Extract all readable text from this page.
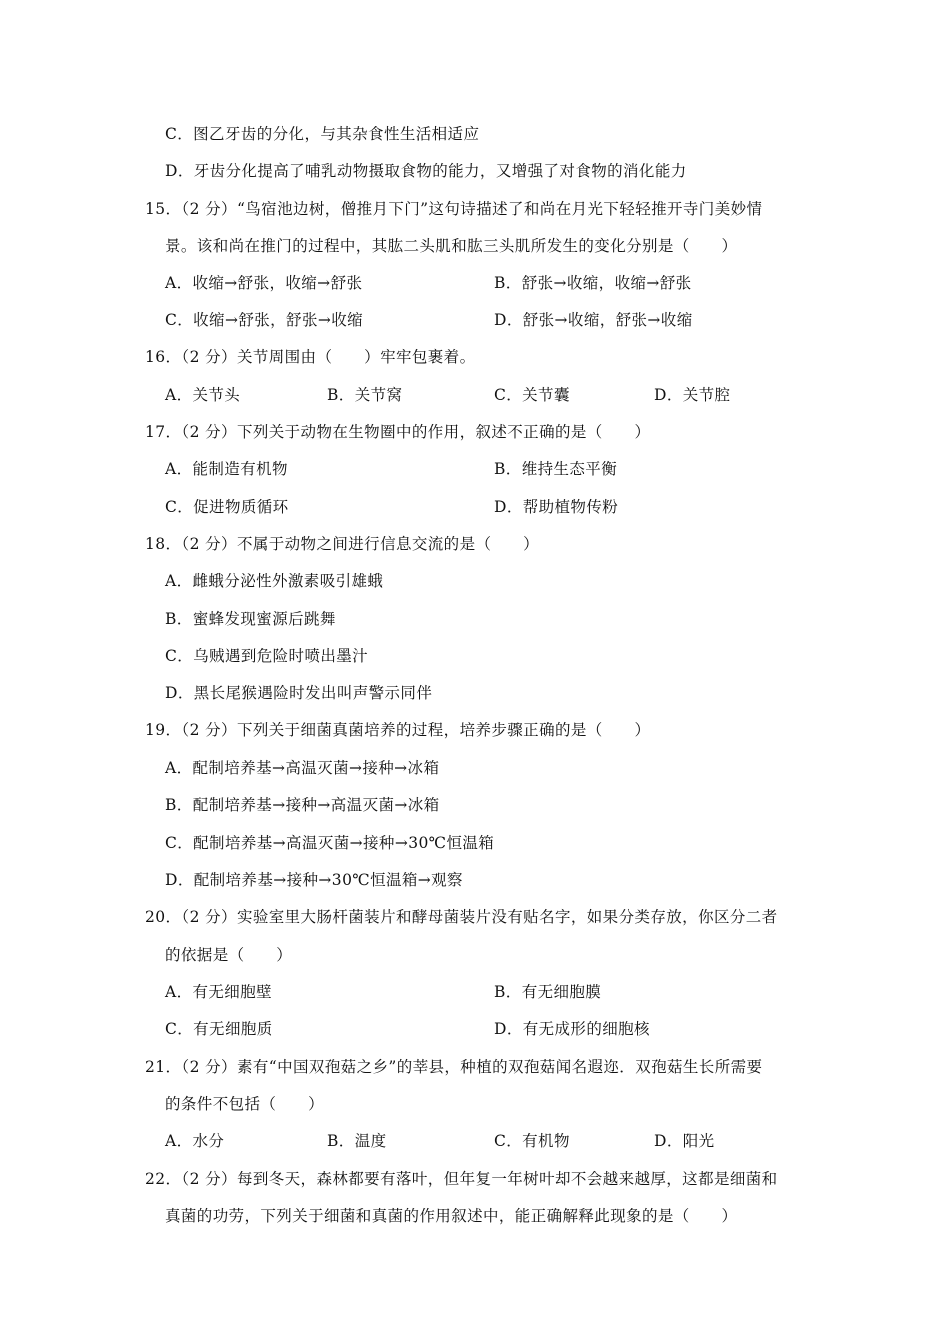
C．图乙牙齿的分化，与其杂食性生活相适应
D．牙齿分化提高了哺乳动物摄取食物的能力，又增强了对食物的消化能力
15．（2 分）“鸟宿池边树，僧推月下门”这句诗描述了和尚在月光下轻轻推开寺门美妙情
景。该和尚在推门的过程中，其肱二头肌和肱三头肌所发生的变化分别是（　　）
A．收缩→舒张，收缩→舒张	B．舒张→收缩，收缩→舒张
C．收缩→舒张，舒张→收缩	D．舒张→收缩，舒张→收缩
16．（2 分）关节周围由（　　）牢牢包裹着。
A．关节头	B．关节窝	C．关节囊	D．关节腔
17．（2 分）下列关于动物在生物圈中的作用，叙述不正确的是（　　）
A．能制造有机物	B．维持生态平衡
C．促进物质循环	D．帮助植物传粉
18．（2 分）不属于动物之间进行信息交流的是（　　）
A．雌蛾分泌性外激素吸引雄蛾
B．蜜蜂发现蜜源后跳舞
C．乌贼遇到危险时喷出墨汁
D．黑长尾猴遇险时发出叫声警示同伴
19．（2 分）下列关于细菌真菌培养的过程，培养步骤正确的是（　　）
A．配制培养基→高温灭菌→接种→冰箱
B．配制培养基→接种→高温灭菌→冰箱
C．配制培养基→高温灭菌→接种→30℃恒温箱
D．配制培养基→接种→30℃恒温箱→观察
20．（2 分）实验室里大肠杆菌装片和酵母菌装片没有贴名字，如果分类存放，你区分二者
的依据是（　　）
A．有无细胞壁	B．有无细胞膜
C．有无细胞质	D．有无成形的细胞核
21．（2 分）素有“中国双孢菇之乡”的莘县，种植的双孢菇闻名遐迩．双孢菇生长所需要
的条件不包括（　　）
A．水分	B．温度	C．有机物	D．阳光
22．（2 分）每到冬天，森林都要有落叶，但年复一年树叶却不会越来越厚，这都是细菌和
真菌的功劳，下列关于细菌和真菌的作用叙述中，能正确解释此现象的是（　　）
